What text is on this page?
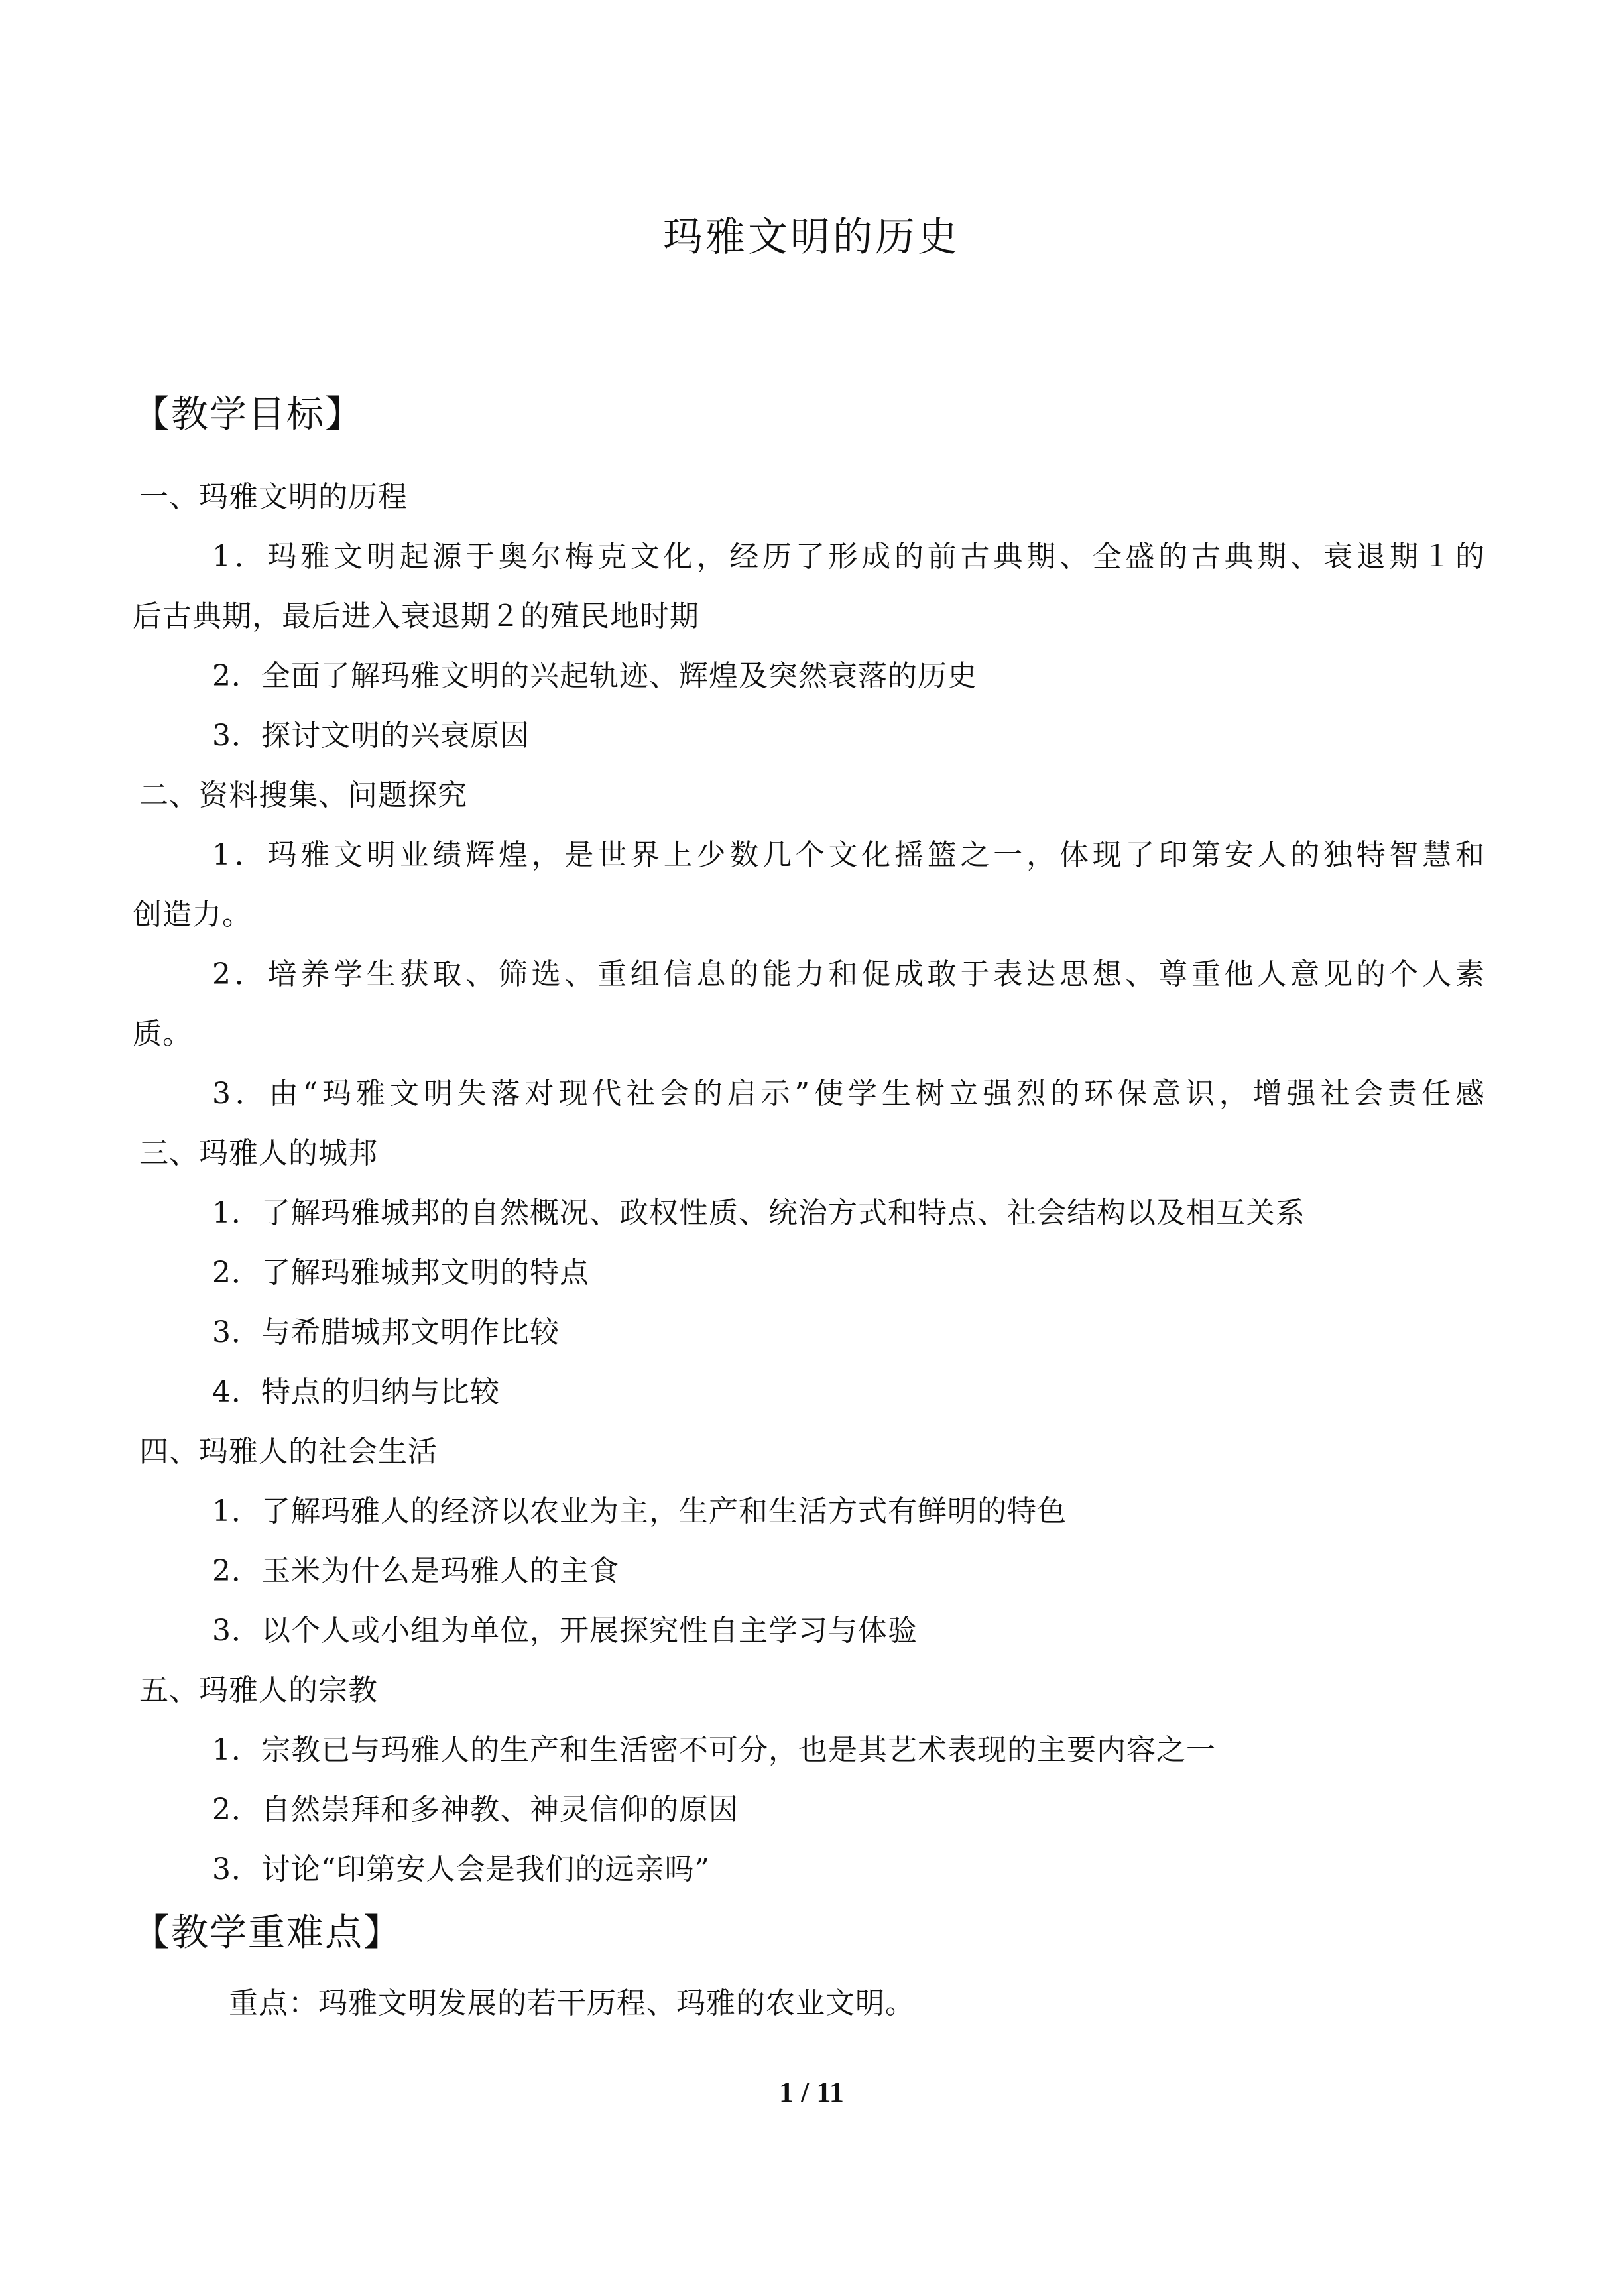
玛雅文明的历史
【教学目标】
一、玛雅文明的历程
1．玛雅文明起源于奥尔梅克文化，经历了形成的前古典期、全盛的古典期、衰退期１的
后古典期，最后进入衰退期２的殖民地时期
2．全面了解玛雅文明的兴起轨迹、辉煌及突然衰落的历史
3．探讨文明的兴衰原因
二、资料搜集、问题探究
1．玛雅文明业绩辉煌，是世界上少数几个文化摇篮之一，体现了印第安人的独特智慧和
创造力。
2．培养学生获取、筛选、重组信息的能力和促成敢于表达思想、尊重他人意见的个人素
质。
3．由“玛雅文明失落对现代社会的启示”使学生树立强烈的环保意识，增强社会责任感
三、玛雅人的城邦
1．了解玛雅城邦的自然概况、政权性质、统治方式和特点、社会结构以及相互关系
2．了解玛雅城邦文明的特点
3．与希腊城邦文明作比较
4．特点的归纳与比较
四、玛雅人的社会生活
1．了解玛雅人的经济以农业为主，生产和生活方式有鲜明的特色
2．玉米为什么是玛雅人的主食
3．以个人或小组为单位，开展探究性自主学习与体验
五、玛雅人的宗教
1．宗教已与玛雅人的生产和生活密不可分，也是其艺术表现的主要内容之一
2．自然崇拜和多神教、神灵信仰的原因
3．讨论“印第安人会是我们的远亲吗”
【教学重难点】
重点：玛雅文明发展的若干历程、玛雅的农业文明。
1 / 11
